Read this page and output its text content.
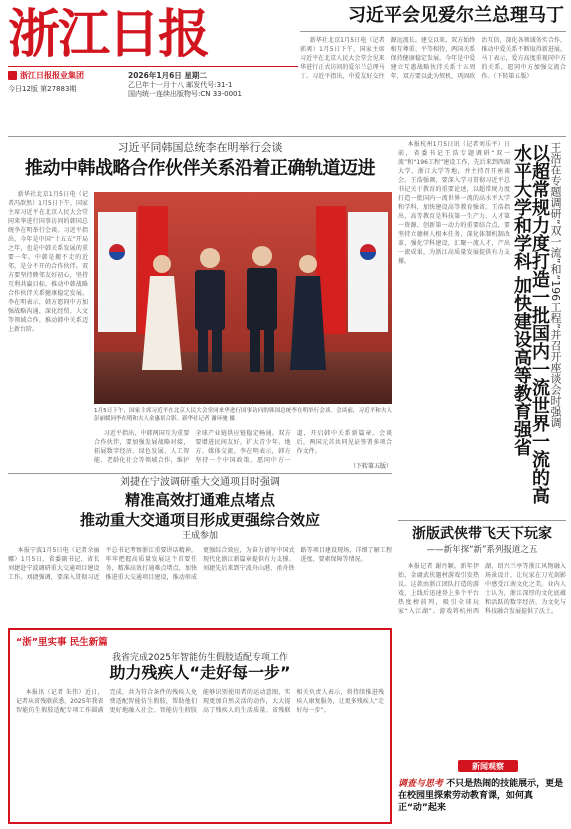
浙江日报
浙江日报报业集团
今日12版 第27883期
2026年1月6日 星期二
乙巳年十一月十八 邮发代号:31-1
国内统一连续出版物号:CN 33-0001
习近平会见爱尔兰总理马丁

新华社北京1月5日电（记者郭爽）1月5日下午，国家主席习近平在北京人民大会堂会见来华进行正式访问的爱尔兰总理马丁。习近平指出，中爱友好交往源远流长。建交以来，双方始终相互尊重、平等相待，两国关系保持健康稳定发展。今年是中爱建立互惠战略伙伴关系十五周年，双方要以此为契机，巩固政治互信，深化各领域务实合作，推动中爱关系不断取得新进展。马丁表示，爱方高度重视同中方的关系，愿同中方加强交流合作。（下转第五版）

习近平同韩国总统李在明举行会谈
推动中韩战略合作伙伴关系沿着正确轨道迈进

新华社北京1月5日电（记者冯歆然）1月5日下午，国家主席习近平在北京人民大会堂同来华进行国事访问的韩国总统李在明举行会谈。习近平指出，今年是中国“十五五”开局之年，也是中韩关系发展的重要一年。中韩是搬不走的近邻，是分不开的合作伙伴。双方要坚持睦邻友好初心，坚持互利共赢目标，推动中韩战略合作伙伴关系健康稳定发展。李在明表示，韩方愿同中方加强战略沟通，深化经贸、人文等领域合作，推动韩中关系迈上新台阶。

1月5日下午，国家主席习近平在北京人民大会堂同来华进行国事访问的韩国总统李在明举行会谈。会谈前，习近平和夫人彭丽媛同李在明和夫人金惠景合影。新华社记者 谢环驰 摄

习近平指出，中韩两国互为重要合作伙伴，要加强发展战略对接，拓展数字经济、绿色发展、人工智能、老龄化社会等领域合作，维护全球产业链供应链稳定畅通。双方要增进民间友好，扩大青少年、地方、媒体交流。李在明表示，韩方坚持一个中国政策，愿同中方一道，开启韩中关系新篇章。会谈后，两国元首共同见证签署多项合作文件。

（下转第五版）

本报杭州1月5日讯（记者刘乐平）日前，省委书记王浩专题调研“双一流”和“196工程”建设工作，先后来到西湖大学、浙江大学等地，并主持召开座谈会。王浩强调，要深入学习贯彻习近平总书记关于教育的重要论述，以超常规力度打造一批国内一流世界一流的高水平大学和学科，加快建设高等教育强省。王浩指出，高等教育是科技第一生产力、人才第一资源、创新第一动力的重要结合点，要坚持立德树人根本任务，深化体制机制改革，强化学科建设，汇聚一流人才，产出一流成果，为浙江高质量发展提供有力支撑。	王浩在专题调研“双一流”和“196工程”并召开座谈会时强调
以超常规力度打造一批国内一流世界一流的高水平大学和学科 加快建设高等教育强省
刘捷在宁波调研重大交通项目时强调
精准高效打通难点堵点
推动重大交通项目形成更强综合效应
王成参加

本报宁波1月5日电（记者余丽娜）1月5日，省委副书记、省长刘捷赴宁波调研重大交通项目建设工作。刘捷强调，要深入贯彻习近平总书记考察浙江重要讲话精神，牢牢把握高质量发展这个首要任务，精准高效打通难点堵点，加快推进重大交通项目建设，推动形成更强综合效应，为奋力谱写中国式现代化浙江新篇章提供有力支撑。刘捷先后来到宁波舟山港、甬舟铁路等项目建设现场，详细了解工程进度、要素保障等情况。

浙版武侠带飞天下玩家
——新年探“新”系列报道之五

本报记者 谢丹颖。新年伊始，金庸武侠题材游戏引发热议。这款由浙江团队打造的游戏，上线后迅速登上多个平台热度榜前列，吸引全球玩家“入江湖”。游戏将杭州西湖、绍兴兰亭等浙江风物融入场景设计，让玩家在刀光剑影中感受江南文化之美。业内人士认为，浙江深厚的文化底蕴和活跃的数字经济，为文化与科技融合发展提供了沃土。

“浙”里实事 民生新篇
我省完成2025年智能仿生假肢适配专项工作
助力残疾人“走好每一步”

本报讯（记者 朱伟）近日，记者从省残联获悉，2025年我省智能仿生假肢适配专项工作圆满完成，共为符合条件的残疾人免费适配智能仿生假肢，帮助他们更好地融入社会。智能仿生假肢能够识别使用者的运动意图，实现更加自然灵活的动作，大大提高了残疾人的生活质量。省残联相关负责人表示，将持续推进残疾人康复服务，让更多残疾人“走好每一步”。

新闻观察
调查与思考 不只是热闹的技能展示，更是在校园里探索劳动教育课，如何真正“动”起来
